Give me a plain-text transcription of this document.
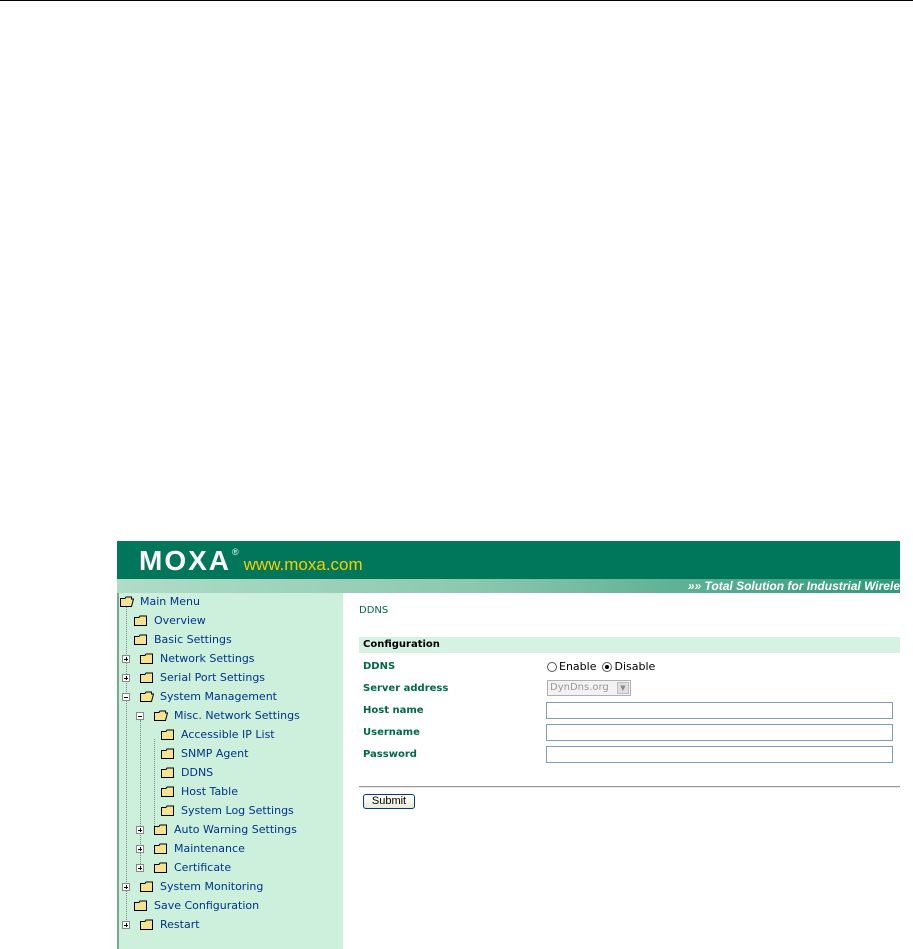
MOXA ®
www.moxa.com
»» Total Solution for Industrial Wirele
Main Menu
Overview
Basic Settings
Network Settings
Serial Port Settings
System Management
Misc. Network Settings
Accessible IP List
SNMP Agent
DDNS
Host Table
System Log Settings
Auto Warning Settings
Maintenance
Certificate
System Monitoring
Save Configuration
Restart
DDNS
Configuration
DDNS	Enable Disable
Server address	DynDns.org	▼
Host name
Username
Password
Submit
